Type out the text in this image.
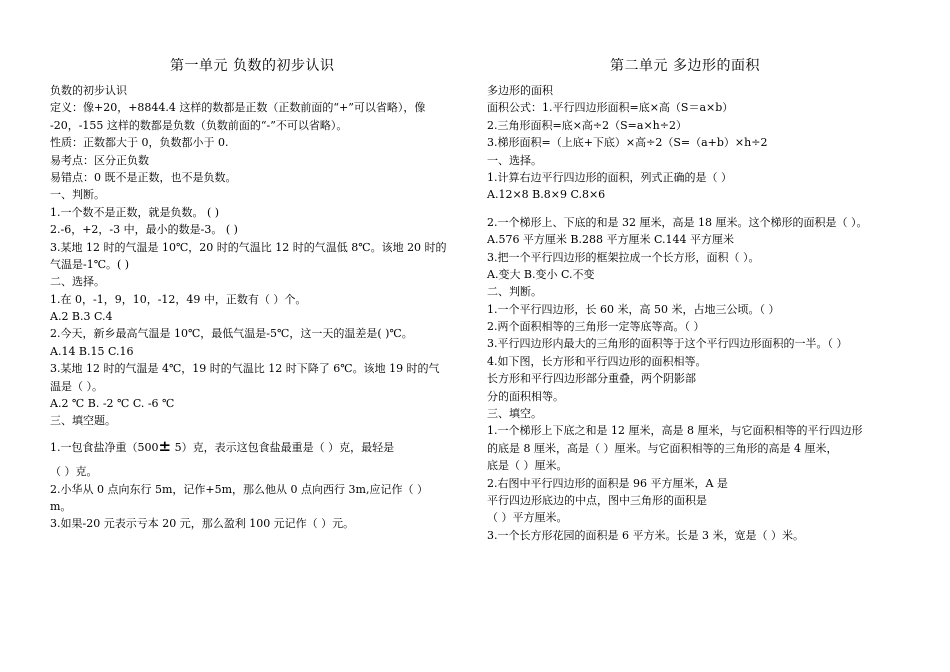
第一单元 负数的初步认识
负数的初步认识
定义：像+20，+8844.4 这样的数都是正数（正数前面的“+”可以省略），像
-20，-155 这样的数都是负数（负数前面的“-”不可以省略）。
性质：正数都大于 0，负数都小于 0.
易考点：区分正负数
易错点：0 既不是正数，也不是负数。
一、判断。
1.一个数不是正数，就是负数。 ( )
2.-6，+2，-3 中，最小的数是-3。 ( )
3.某地 12 时的气温是 10℃，20 时的气温比 12 时的气温低 8℃。该地 20 时的
气温是-1℃。( )
二、选择。
1.在 0，-1，9，10，-12，49 中，正数有（ ）个。
A.2 B.3 C.4
2.今天，新乡最高气温是 10℃，最低气温是-5℃，这一天的温差是( )℃。
A.14 B.15 C.16
3.某地 12 时的气温是 4℃，19 时的气温比 12 时下降了 6℃。该地 19 时的气
温是（ ）。
A.2 ℃ B. -2 ℃ C. -6 ℃
三、填空题。
1.一包食盐净重（500± 5）克，表示这包食盐最重是（ ）克，最轻是
（ ）克。
2.小华从 0 点向东行 5m，记作+5m，那么他从 0 点向西行 3m,应记作（ ）
m。
3.如果-20 元表示亏本 20 元，那么盈利 100 元记作（ ）元。
第二单元 多边形的面积
多边形的面积
面积公式：1.平行四边形面积=底×高（S＝a×b）
2.三角形面积=底×高÷2（S=a×h÷2）
3.梯形面积=（上底+下底）×高÷2（S=（a+b）×h÷2
一、选择。
1.计算右边平行四边形的面积，列式正确的是（ ）
A.12×8 B.8×9 C.8×6
2.一个梯形上、下底的和是 32 厘米，高是 18 厘米。这个梯形的面积是（ ）。
A.576 平方厘米 B.288 平方厘米 C.144 平方厘米
3.把一个平行四边形的框架拉成一个长方形，面积（ ）。
A.变大 B.变小 C.不变
二、判断。
1.一个平行四边形，长 60 米，高 50 米，占地三公顷。（ ）
2.两个面积相等的三角形一定等底等高。（ ）
3.平行四边形内最大的三角形的面积等于这个平行四边形面积的一半。（ ）
4.如下图，长方形和平行四边形的面积相等。
长方形和平行四边形部分重叠，两个阴影部
分的面积相等。
三、填空。
1.一个梯形上下底之和是 12 厘米，高是 8 厘米，与它面积相等的平行四边形
的底是 8 厘米，高是（ ）厘米。与它面积相等的三角形的高是 4 厘米，
底是（ ）厘米。
2.右图中平行四边形的面积是 96 平方厘米，A 是
平行四边形底边的中点，图中三角形的面积是
（ ）平方厘米。
3.一个长方形花园的面积是 6 平方米。长是 3 米，宽是（ ）米。
